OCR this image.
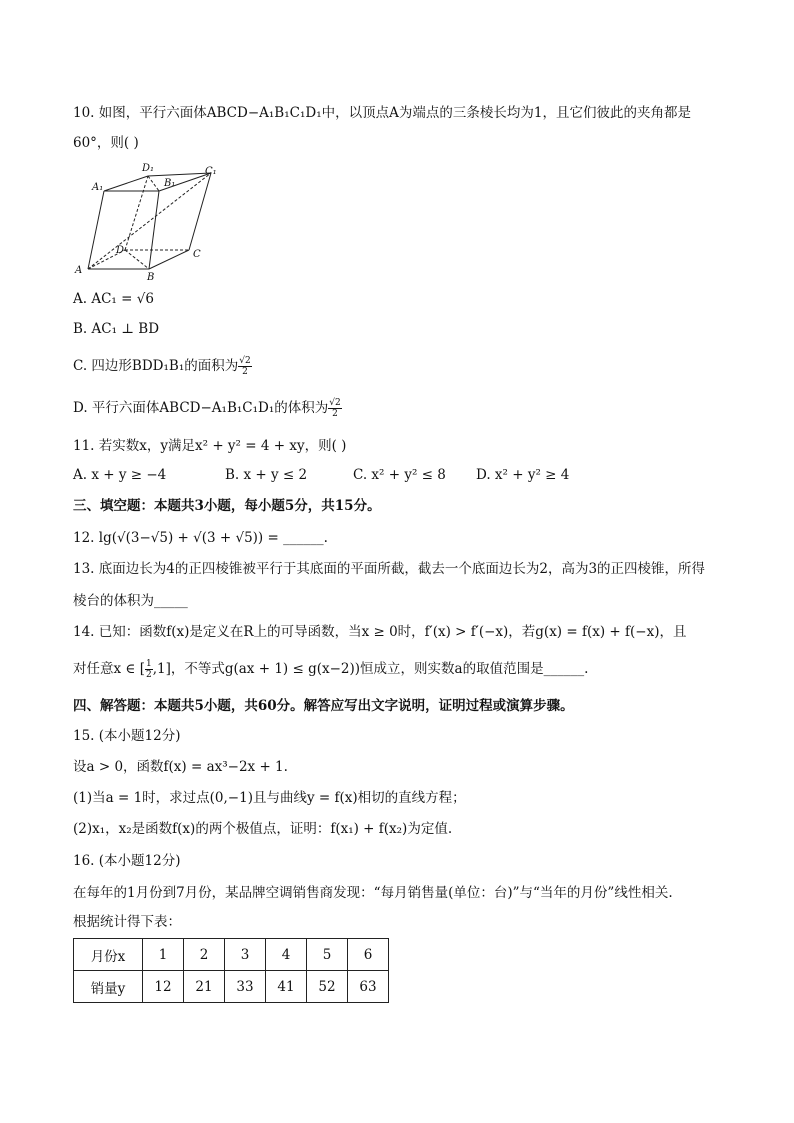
10. 如图，平行六面体ABCD−A₁B₁C₁D₁中，以顶点A为端点的三条棱长均为1，且它们彼此的夹角都是
60°，则( )
A₁
D₁
B₁
C₁
A
B
C
D
A. AC₁ = √6
B. AC₁ ⊥ BD
C. 四边形BDD₁B₁的面积为 $\frac{√2}{2}$
D. 平行六面体ABCD−A₁B₁C₁D₁的体积为 $\frac{√2}{2}$
11. 若实数x，y满足x² + y² = 4 + xy，则( )
A. x + y ≥ −4	B. x + y ≤ 2	C. x² + y² ≤ 8 D. x² + y² ≥ 4
三、填空题：本题共3小题，每小题5分，共15分。
12. lg(√(3−√5) + √(3 + √5)) = ______.
13. 底面边长为4的正四棱锥被平行于其底面的平面所截，截去一个底面边长为2，高为3的正四棱锥，所得
棱台的体积为_____
14. 已知：函数f(x)是定义在R上的可导函数，当x ≥ 0时，f′(x) > f′(−x)，若g(x) = f(x) + f(−x)，且
对任意x ∈ [ $\frac{1}{2} ,1$]，不等式g(ax + 1) ≤ g(x−2))恒成立，则实数a的取值范围是______.
四、解答题：本题共5小题，共60分。解答应写出文字说明，证明过程或演算步骤。
15. (本小题12分)
设a > 0，函数f(x) = ax³−2x + 1.
(1)当a = 1时，求过点(0,−1)且与曲线y = f(x)相切的直线方程；
(2)x₁，x₂是函数f(x)的两个极值点，证明：f(x₁) + f(x₂)为定值.
16. (本小题12分)
在每年的1月份到7月份，某品牌空调销售商发现：“每月销售量(单位：台)”与“当年的月份”线性相关.
根据统计得下表：
月份x	1	2	3	4	5	6
销量y	12	21	33	41	52	63
